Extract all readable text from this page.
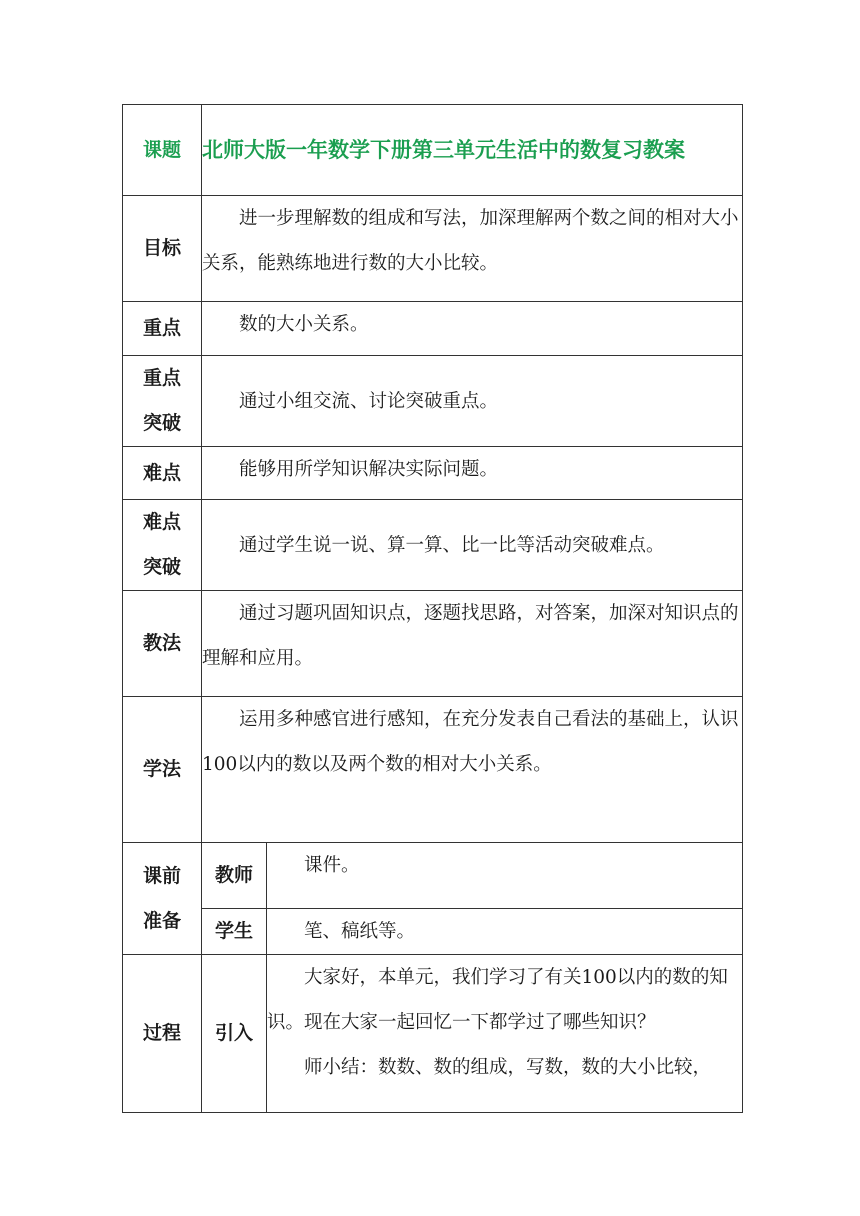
课题	北师大版一年数学下册第三单元生活中的数复习教案	
目标	进一步理解数的组成和写法，加深理解两个数之间的相对大小关系，能熟练地进行数的大小比较。	

重点	数的大小关系。	

重点
突破	通过小组交流、讨论突破重点。	

难点	能够用所学知识解决实际问题。	

难点
突破	通过学生说一说、算一算、比一比等活动突破难点。	

教法	通过习题巩固知识点，逐题找思路，对答案，加深对知识点的理解和应用。	

学法	运用多种感官进行感知，在充分发表自己看法的基础上，认识100以内的数以及两个数的相对大小关系。	

课前
准备	教师	课件。

	学生	笔、稿纸等。

过程	引入	大家好，本单元，我们学习了有关100以内的数的知识。现在大家一起回忆一下都学过了哪些知识？

师小结：数数、数的组成，写数，数的大小比较，
